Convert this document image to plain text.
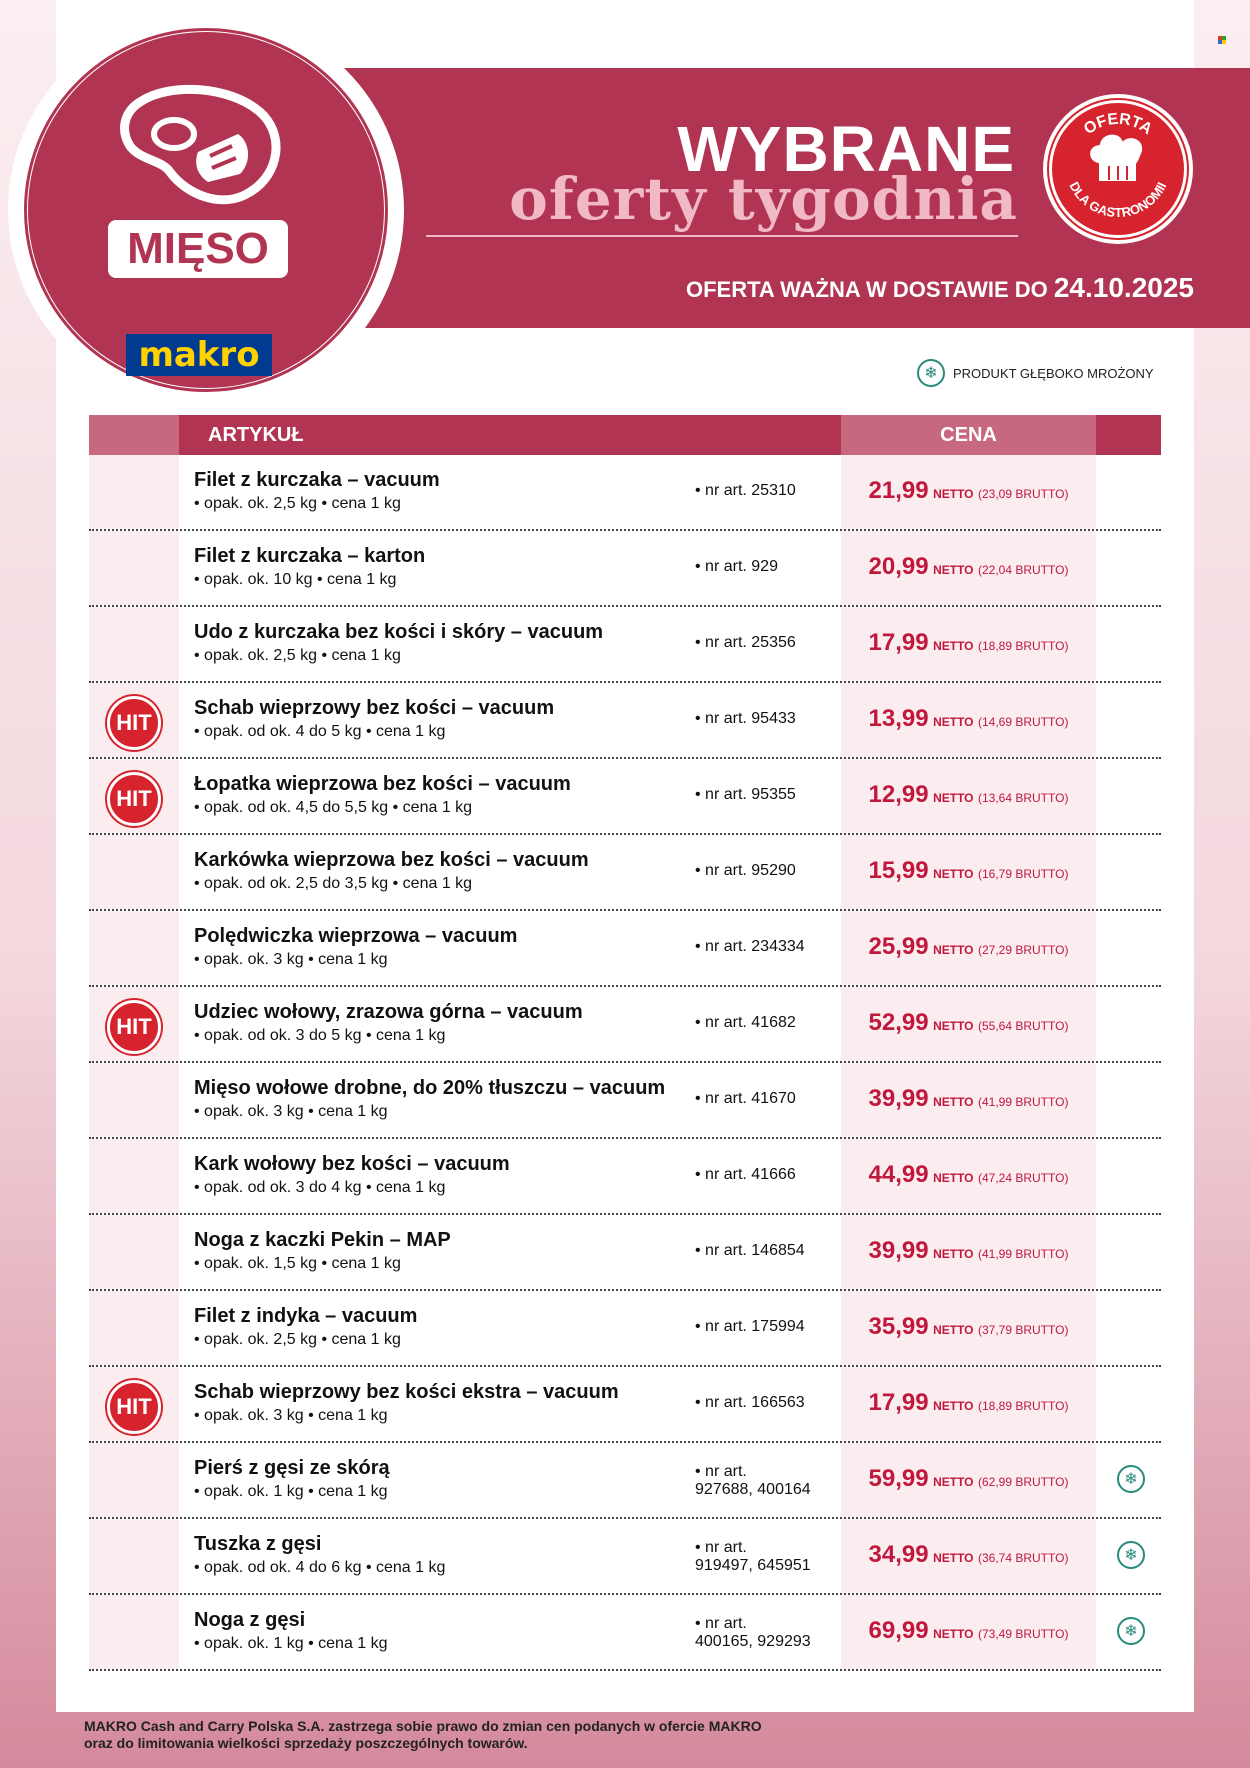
WYBRANE
oferty tygodnia
OFERTA WAŻNA W DOSTAWIE DO 24.10.2025
OFERTA
DLA GASTRONOMII
MIĘSO
makro	❄	PRODUKT GŁĘBOKO MROŻONY
ARTYKUŁ	CENA
Filet z kurczaka – vacuum
• opak. ok. 2,5 kg • cena 1 kg
• nr art. 25310	21,99 NETTO (23,09 BRUTTO)
Filet z kurczaka – karton
• opak. ok. 10 kg • cena 1 kg
• nr art. 929	20,99 NETTO (22,04 BRUTTO)
Udo z kurczaka bez kości i skóry – vacuum
• opak. ok. 2,5 kg • cena 1 kg
• nr art. 25356	17,99 NETTO (18,89 BRUTTO)
HIT
Schab wieprzowy bez kości – vacuum
• opak. od ok. 4 do 5 kg • cena 1 kg
• nr art. 95433	13,99 NETTO (14,69 BRUTTO)
HIT
Łopatka wieprzowa bez kości – vacuum
• opak. od ok. 4,5 do 5,5 kg • cena 1 kg
• nr art. 95355	12,99 NETTO (13,64 BRUTTO)
Karkówka wieprzowa bez kości – vacuum
• opak. od ok. 2,5 do 3,5 kg • cena 1 kg
• nr art. 95290	15,99 NETTO (16,79 BRUTTO)
Polędwiczka wieprzowa – vacuum
• opak. ok. 3 kg • cena 1 kg
• nr art. 234334	25,99 NETTO (27,29 BRUTTO)
HIT
Udziec wołowy, zrazowa górna – vacuum
• opak. od ok. 3 do 5 kg • cena 1 kg
• nr art. 41682	52,99 NETTO (55,64 BRUTTO)
Mięso wołowe drobne, do 20% tłuszczu – vacuum
• opak. ok. 3 kg • cena 1 kg
• nr art. 41670	39,99 NETTO (41,99 BRUTTO)
Kark wołowy bez kości – vacuum
• opak. od ok. 3 do 4 kg • cena 1 kg
• nr art. 41666	44,99 NETTO (47,24 BRUTTO)
Noga z kaczki Pekin – MAP
• opak. ok. 1,5 kg • cena 1 kg
• nr art. 146854	39,99 NETTO (41,99 BRUTTO)
Filet z indyka – vacuum
• opak. ok. 2,5 kg • cena 1 kg
• nr art. 175994	35,99 NETTO (37,79 BRUTTO)
HIT
Schab wieprzowy bez kości ekstra – vacuum
• opak. ok. 3 kg • cena 1 kg
• nr art. 166563	17,99 NETTO (18,89 BRUTTO)
Pierś z gęsi ze skórą
• opak. ok. 1 kg • cena 1 kg
• nr art.
927688, 400164	59,99 NETTO (62,99 BRUTTO)	❄
Tuszka z gęsi
• opak. od ok. 4 do 6 kg • cena 1 kg
• nr art.
919497, 645951	34,99 NETTO (36,74 BRUTTO)	❄
Noga z gęsi
• opak. ok. 1 kg • cena 1 kg
• nr art.
400165, 929293	69,99 NETTO (73,49 BRUTTO)	❄
MAKRO Cash and Carry Polska S.A. zastrzega sobie prawo do zmian cen podanych w ofercie MAKRO
oraz do limitowania wielkości sprzedaży poszczególnych towarów.
